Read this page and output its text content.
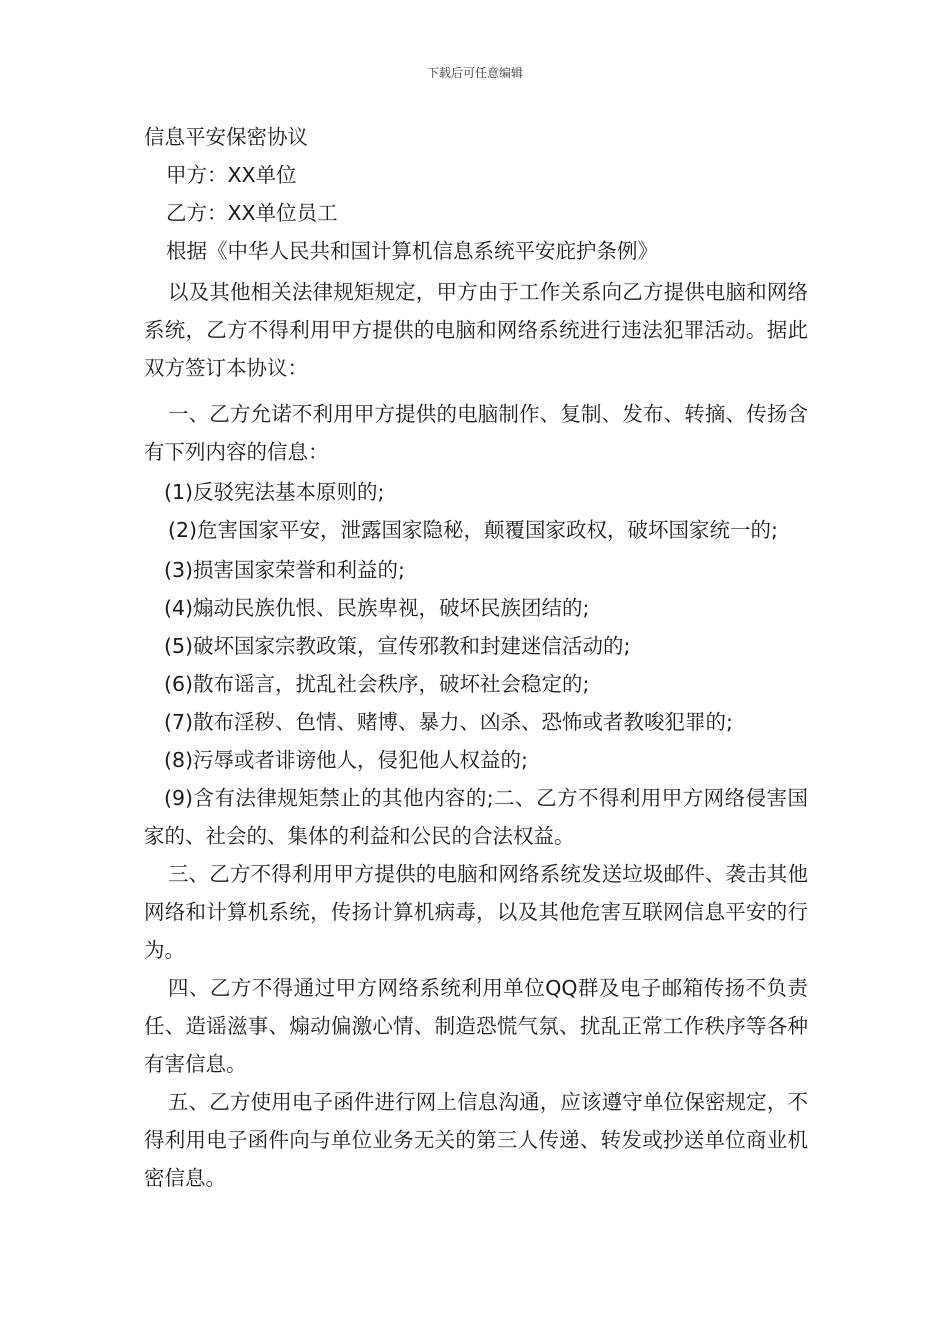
下载后可任意编辑
信息平安保密协议
甲方：XX单位
乙方：XX单位员工
根据《中华人民共和国计算机信息系统平安庇护条例》
以及其他相关法律规矩规定，甲方由于工作关系向乙方提供电脑和网络系统，乙方不得利用甲方提供的电脑和网络系统进行违法犯罪活动。据此双方签订本协议：
一、乙方允诺不利用甲方提供的电脑制作、复制、发布、转摘、传扬含有下列内容的信息：
(1)反驳宪法基本原则的;
(2)危害国家平安，泄露国家隐秘，颠覆国家政权，破坏国家统一的;
(3)损害国家荣誉和利益的;
(4)煽动民族仇恨、民族卑视，破坏民族团结的;
(5)破坏国家宗教政策，宣传邪教和封建迷信活动的;
(6)散布谣言，扰乱社会秩序，破坏社会稳定的;
(7)散布淫秽、色情、赌博、暴力、凶杀、恐怖或者教唆犯罪的;
(8)污辱或者诽谤他人，侵犯他人权益的;
(9)含有法律规矩禁止的其他内容的;二、乙方不得利用甲方网络侵害国家的、社会的、集体的利益和公民的合法权益。
三、乙方不得利用甲方提供的电脑和网络系统发送垃圾邮件、袭击其他网络和计算机系统，传扬计算机病毒，以及其他危害互联网信息平安的行为。
四、乙方不得通过甲方网络系统利用单位QQ群及电子邮箱传扬不负责任、造谣滋事、煽动偏激心情、制造恐慌气氛、扰乱正常工作秩序等各种有害信息。
五、乙方使用电子函件进行网上信息沟通，应该遵守单位保密规定，不得利用电子函件向与单位业务无关的第三人传递、转发或抄送单位商业机密信息。
